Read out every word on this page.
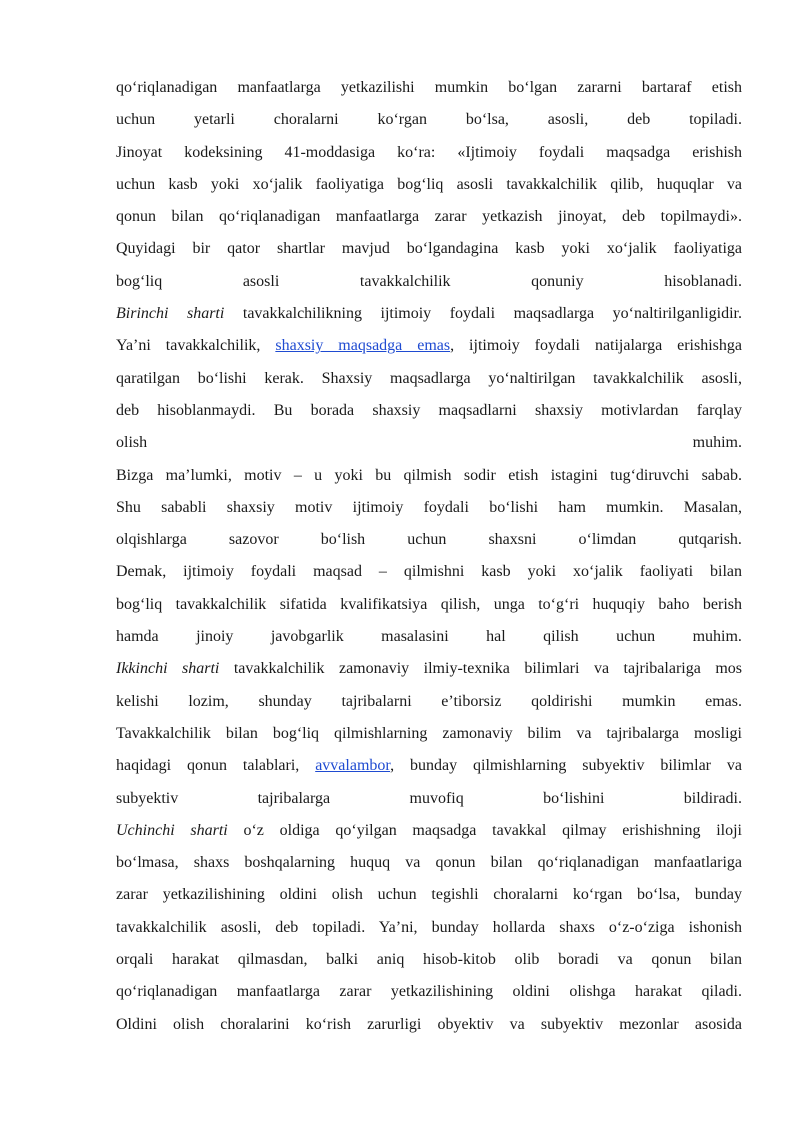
qo‘riqlanadigan manfaatlarga yetkazilishi mumkin bo‘lgan zararni bartaraf etish
uchun yetarli choralarni ko‘rgan bo‘lsa, asosli, deb topiladi.
Jinoyat kodeksining 41-moddasiga ko‘ra: «Ijtimoiy foydali maqsadga erishish
uchun kasb yoki xo‘jalik faoliyatiga bog‘liq asosli tavakkalchilik qilib, huquqlar va
qonun bilan qo‘riqlanadigan manfaatlarga zarar yetkazish jinoyat, deb topilmaydi».
Quyidagi bir qator shartlar mavjud bo‘lgandagina kasb yoki xo‘jalik faoliyatiga
bog‘liq	asosli	tavakkalchilik	qonuniy	hisoblanadi.
Birinchi sharti tavakkalchilikning ijtimoiy foydali maqsadlarga yo‘naltirilganligidir.
Ya’ni tavakkalchilik, shaxsiy maqsadga emas, ijtimoiy foydali natijalarga erishishga
qaratilgan bo‘lishi kerak. Shaxsiy maqsadlarga yo‘naltirilgan tavakkalchilik asosli,
deb hisoblanmaydi. Bu borada shaxsiy maqsadlarni shaxsiy motivlardan farqlay
olish	muhim.
Bizga ma’lumki, motiv – u yoki bu qilmish sodir etish istagini tug‘diruvchi sabab.
Shu sababli shaxsiy motiv ijtimoiy foydali bo‘lishi ham mumkin. Masalan,
olqishlarga	sazovor	bo‘lish	uchun	shaxsni	o‘limdan	qutqarish.
Demak, ijtimoiy foydali maqsad – qilmishni kasb yoki xo‘jalik faoliyati bilan
bog‘liq tavakkalchilik sifatida kvalifikatsiya qilish, unga to‘g‘ri huquqiy baho berish
hamda jinoiy javobgarlik masalasini hal qilish uchun muhim.
Ikkinchi sharti tavakkalchilik zamonaviy ilmiy-texnika bilimlari va tajribalariga mos
kelishi lozim, shunday tajribalarni e’tiborsiz qoldirishi mumkin emas.
Tavakkalchilik bilan bog‘liq qilmishlarning zamonaviy bilim va tajribalarga mosligi
haqidagi qonun talablari, avvalambor, bunday qilmishlarning subyektiv bilimlar va
subyektiv	tajribalarga	muvofiq	bo‘lishini	bildiradi.
Uchinchi sharti o‘z oldiga qo‘yilgan maqsadga tavakkal qilmay erishishning iloji
bo‘lmasa, shaxs boshqalarning huquq va qonun bilan qo‘riqlanadigan manfaatlariga
zarar yetkazilishining oldini olish uchun tegishli choralarni ko‘rgan bo‘lsa, bunday
tavakkalchilik asosli, deb topiladi. Ya’ni, bunday hollarda shaxs o‘z-o‘ziga ishonish
orqali harakat qilmasdan, balki aniq hisob-kitob olib boradi va qonun bilan
qo‘riqlanadigan manfaatlarga zarar yetkazilishining oldini olishga harakat qiladi.
Oldini olish choralarini ko‘rish zarurligi obyektiv va subyektiv mezonlar asosida
